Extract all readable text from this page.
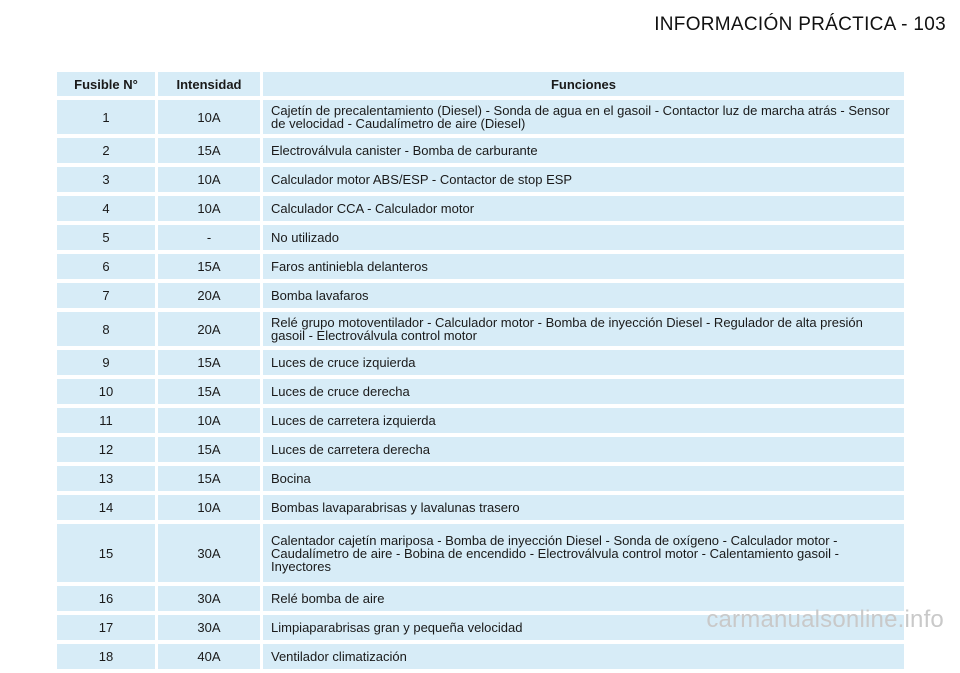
INFORMACIÓN PRÁCTICA - 103
Fusible N°	Intensidad	Funciones
1	10A	Cajetín de precalentamiento (Diesel) - Sonda de agua en el gasoil - Contactor luz de marcha atrás - Sensor de velocidad - Caudalímetro de aire (Diesel)
2	15A	Electroválvula canister - Bomba de carburante
3	10A	Calculador motor ABS/ESP - Contactor de stop ESP
4	10A	Calculador CCA - Calculador motor
5	-	No utilizado
6	15A	Faros antiniebla delanteros
7	20A	Bomba lavafaros
8	20A	Relé grupo motoventilador - Calculador motor - Bomba de inyección Diesel - Regulador de alta presión gasoil - Electroválvula control motor
9	15A	Luces de cruce izquierda
10	15A	Luces de cruce derecha
11	10A	Luces de carretera izquierda
12	15A	Luces de carretera derecha
13	15A	Bocina
14	10A	Bombas lavaparabrisas y lavalunas trasero
15	30A	Calentador cajetín mariposa - Bomba de inyección Diesel - Sonda de oxígeno - Calculador motor - Caudalímetro de aire - Bobina de encendido - Electroválvula control motor - Calentamiento gasoil - Inyectores
16	30A	Relé bomba de aire
17	30A	Limpiaparabrisas gran y pequeña velocidad
18	40A	Ventilador climatización
carmanualsonline.info
